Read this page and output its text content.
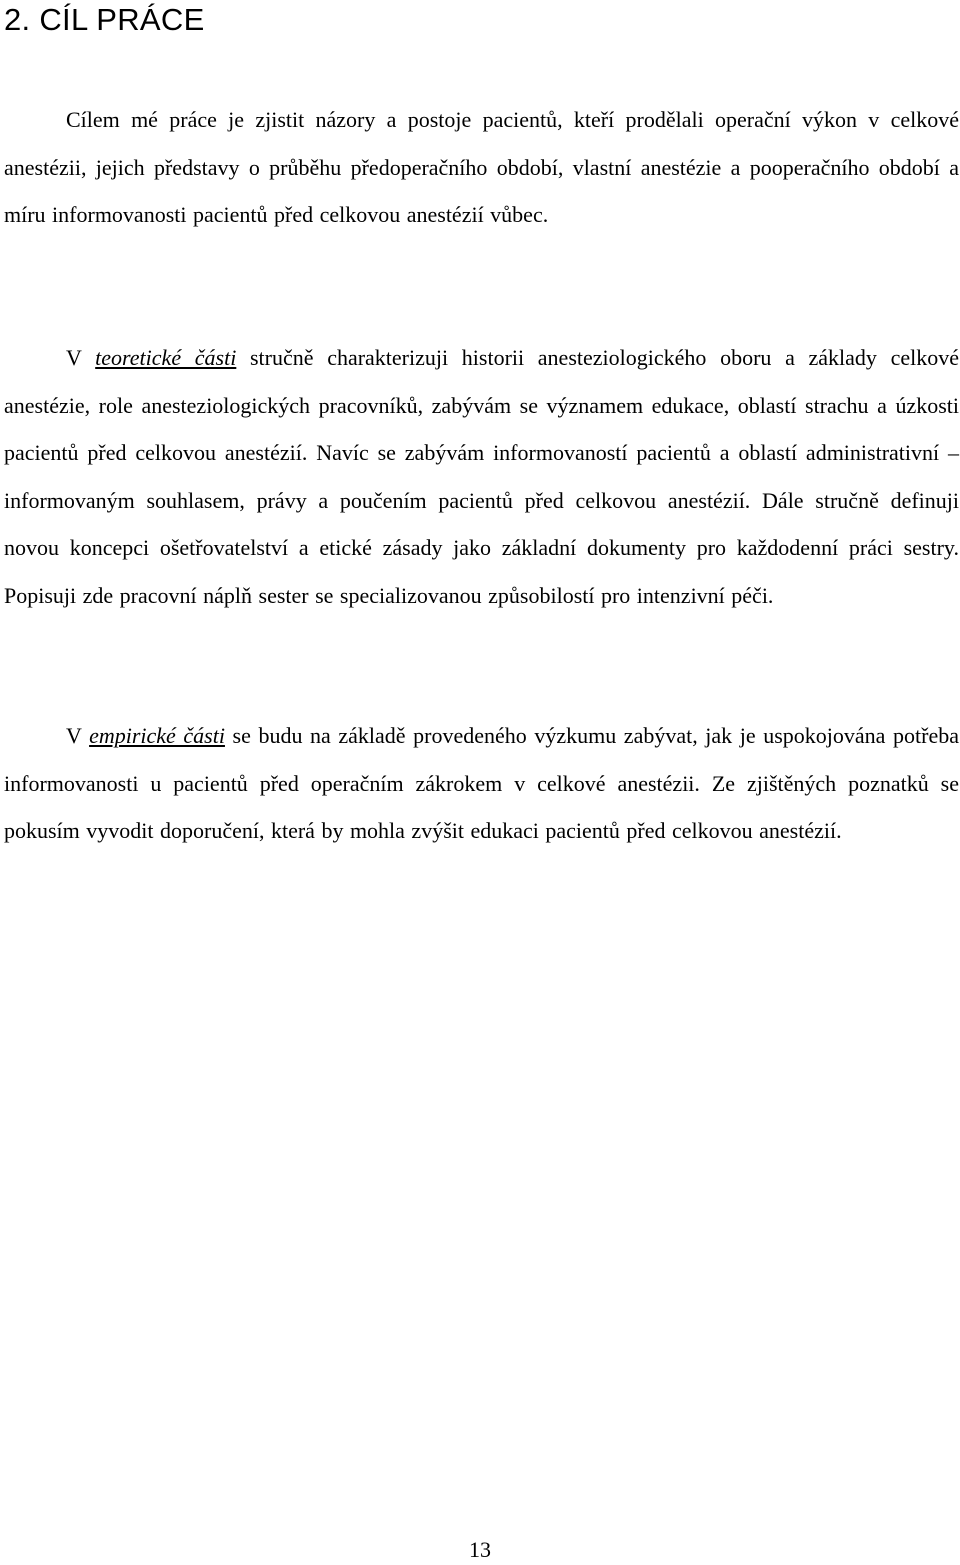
2. CÍL PRÁCE

Cílem mé práce je zjistit názory a postoje pacientů, kteří prodělali operační výkon v celkové anestézii, jejich představy o průběhu předoperačního období, vlastní anestézie a pooperačního období a míru informovanosti pacientů před celkovou anestézií vůbec.

V teoretické části stručně charakterizuji historii anesteziologického oboru a základy celkové anestézie, role anesteziologických pracovníků, zabývám se významem edukace, oblastí strachu a úzkosti pacientů před celkovou anestézií. Navíc se zabývám informovaností pacientů a oblastí administrativní – informovaným souhlasem, právy a poučením pacientů před celkovou anestézií. Dále stručně definuji novou koncepci ošetřovatelství a etické zásady jako základní dokumenty pro každodenní práci sestry. Popisuji zde pracovní náplň sester se specializovanou způsobilostí pro intenzivní péči.

V empirické části se budu na základě provedeného výzkumu zabývat, jak je uspokojována potřeba informovanosti u pacientů před operačním zákrokem v celkové anestézii. Ze zjištěných poznatků se pokusím vyvodit doporučení, která by mohla zvýšit edukaci pacientů před celkovou anestézií.

13
